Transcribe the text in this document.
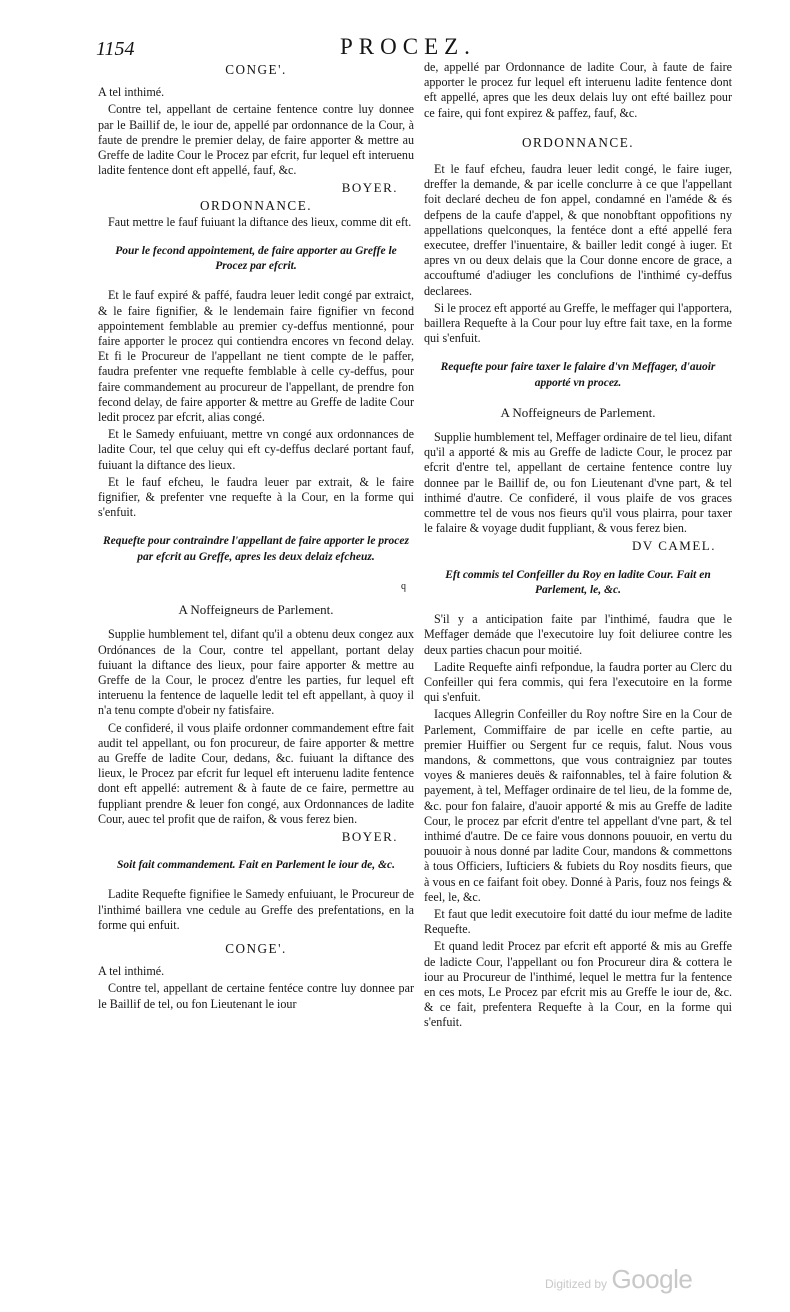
1154	PROCEZ.
CONGE'.

A tel inthimé.

Contre tel, appellant de certaine fentence contre luy donnee par le Baillif de, le iour de, appellé par ordonnance de la Cour, à faute de prendre le premier delay, de faire apporter & mettre au Greffe de ladite Cour le Procez par efcrit, fur lequel eft interuenu ladite fentence dont eft appellé, fauf, &c.

BOYER.
ORDONNANCE.

Faut mettre le fauf fuiuant la diftance des lieux, comme dit eft.

Pour le fecond appointement, de faire apporter au Greffe le Procez par efcrit.

Et le fauf expiré & paffé, faudra leuer ledit congé par extraict, & le faire fignifier, & le lendemain faire fignifier vn fecond appointement femblable au premier cy-deffus mentionné, pour faire apporter le procez qui contiendra encores vn fecond delay. Et fi le Procureur de l'appellant ne tient compte de le paffer, faudra prefenter vne requefte femblable à celle cy-deffus, pour faire commandement au procureur de l'appellant, de prendre fon fecond delay, de faire apporter & mettre au Greffe de ladite Cour ledit procez par efcrit, alias congé.

Et le Samedy enfuiuant, mettre vn congé aux ordonnances de ladite Cour, tel que celuy qui eft cy-deffus declaré portant fauf, fuiuant la diftance des lieux.

Et le fauf efcheu, le faudra leuer par extrait, & le faire fignifier, & prefenter vne requefte à la Cour, en la forme qui s'enfuit.

Requefte pour contraindre l'appellant de faire apporter le procez par efcrit au Greffe, apres les deux delaiz efcheuz.
q
A Noffeigneurs de Parlement.

Supplie humblement tel, difant qu'il a obtenu deux congez aux Ordónances de la Cour, contre tel appellant, portant delay fuiuant la diftance des lieux, pour faire apporter & mettre au Greffe de la Cour, le procez d'entre les parties, fur lequel eft interuenu la fentence de laquelle ledit tel eft appellant, à quoy il n'a tenu compte d'obeir ny fatisfaire.

Ce confideré, il vous plaife ordonner commandement eftre fait audit tel appellant, ou fon procureur, de faire apporter & mettre au Greffe de ladite Cour, dedans, &c. fuiuant la diftance des lieux, le Procez par efcrit fur lequel eft interuenu ladite fentence dont eft appellé: autrement & à faute de ce faire, permettre au fuppliant prendre & leuer fon congé, aux Ordonnances de ladite Cour, auec tel profit que de raifon, & vous ferez bien.

BOYER.
Soit fait commandement. Fait en Parlement le iour de, &c.

Ladite Requefte fignifiee le Samedy enfuiuant, le Procureur de l'inthimé baillera vne cedule au Greffe des prefentations, en la forme qui enfuit.

CONGE'.

A tel inthimé.

Contre tel, appellant de certaine fentéce contre luy donnee par le Baillif de tel, ou fon Lieutenant le iour

de, appellé par Ordonnance de ladite Cour, à faute de faire apporter le procez fur lequel eft interuenu ladite fentence dont eft appellé, apres que les deux delais luy ont efté baillez pour ce faire, qui font expirez & paffez, fauf, &c.

ORDONNANCE.

Et le fauf efcheu, faudra leuer ledit congé, le faire iuger, dreffer la demande, & par icelle conclurre à ce que l'appellant foit declaré decheu de fon appel, condamné en l'améde & és defpens de la caufe d'appel, & que nonobftant oppofitions ny appellations quelconques, la fentéce dont a efté appellé fera executee, dreffer l'inuentaire, & bailler ledit congé à iuger. Et apres vn ou deux delais que la Cour donne encore de grace, a accouftumé d'adiuger les conclufions de l'inthimé cy-deffus declarees.

Si le procez eft apporté au Greffe, le meffager qui l'apportera, baillera Requefte à la Cour pour luy eftre fait taxe, en la forme qui s'enfuit.

Requefte pour faire taxer le falaire d'vn Meffager, d'auoir apporté vn procez.
A Noffeigneurs de Parlement.

Supplie humblement tel, Meffager ordinaire de tel lieu, difant qu'il a apporté & mis au Greffe de ladicte Cour, le procez par efcrit d'entre tel, appellant de certaine fentence contre luy donnee par le Baillif de, ou fon Lieutenant d'vne part, & tel inthimé d'autre. Ce confideré, il vous plaife de vos graces commettre tel de vous nos fieurs qu'il vous plairra, pour taxer le falaire & voyage dudit fuppliant, & vous ferez bien.

DV CAMEL.
Eft commis tel Confeiller du Roy en ladite Cour. Fait en Parlement, le, &c.

S'il y a anticipation faite par l'inthimé, faudra que le Meffager demáde que l'executoire luy foit deliuree contre les deux parties chacun pour moitié.

Ladite Requefte ainfi refpondue, la faudra porter au Clerc du Confeiller qui fera commis, qui fera l'executoire en la forme qui s'enfuit.

Iacques Allegrin Confeiller du Roy noftre Sire en la Cour de Parlement, Commiffaire de par icelle en cefte partie, au premier Huiffier ou Sergent fur ce requis, falut. Nous vous mandons, & commettons, que vous contraigniez par toutes voyes & manieres deuës & raifonnables, tel à faire folution & payement, à tel, Meffager ordinaire de tel lieu, de la fomme de, &c. pour fon falaire, d'auoir apporté & mis au Greffe de ladite Cour, le procez par efcrit d'entre tel appellant d'vne part, & tel inthimé d'autre. De ce faire vous donnons pouuoir, en vertu du pouuoir à nous donné par ladite Cour, mandons & commettons à tous Officiers, Iufticiers & fubiets du Roy nosdits fieurs, que à vous en ce faifant foit obey. Donné à Paris, fouz nos feings & feel, le, &c.

Et faut que ledit executoire foit datté du iour mefme de ladite Requefte.

Et quand ledit Procez par efcrit eft apporté & mis au Greffe de ladicte Cour, l'appellant ou fon Procureur dira & cottera le iour au Procureur de l'inthimé, lequel le mettra fur la fentence en ces mots, Le Procez par efcrit mis au Greffe le iour de, &c. & ce fait, prefentera Requefte à la Cour, en la forme qui s'enfuit.

Digitized by Google
